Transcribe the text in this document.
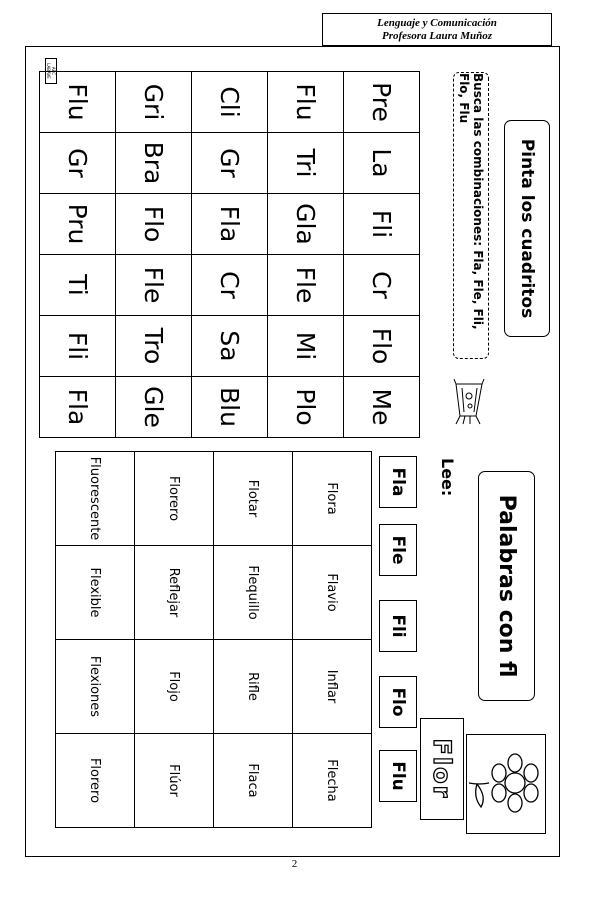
Lenguaje y Comunicación
Profesora Laura Muñoz
ABC LABAVE
Pinta los cuadritos
Busca las combinaciones: Fla, Fle, Fli, Flo, Flu
Pre	La	Fli	Cr	Flo	Me
Flu	Tri	Gla	Fle	Mi	Plo
Cli	Gr	Fla	Cr	Sa	Blu
Gri	Bra	Flo	Fle	Tro	Gle
Flu	Gr	Pru	Ti	Fli	Fla
Palabras con fl
Lee:
Fla
Fle
Fli
Flo
Flu Flor
Flora	Flavio	Inflar	Flecha
Flotar	Flequillo	Rifle	Flaca
Florero	Reflejar	Flojo	Flúor
Fluorescente	Flexible	Flexiones	Florero
2
